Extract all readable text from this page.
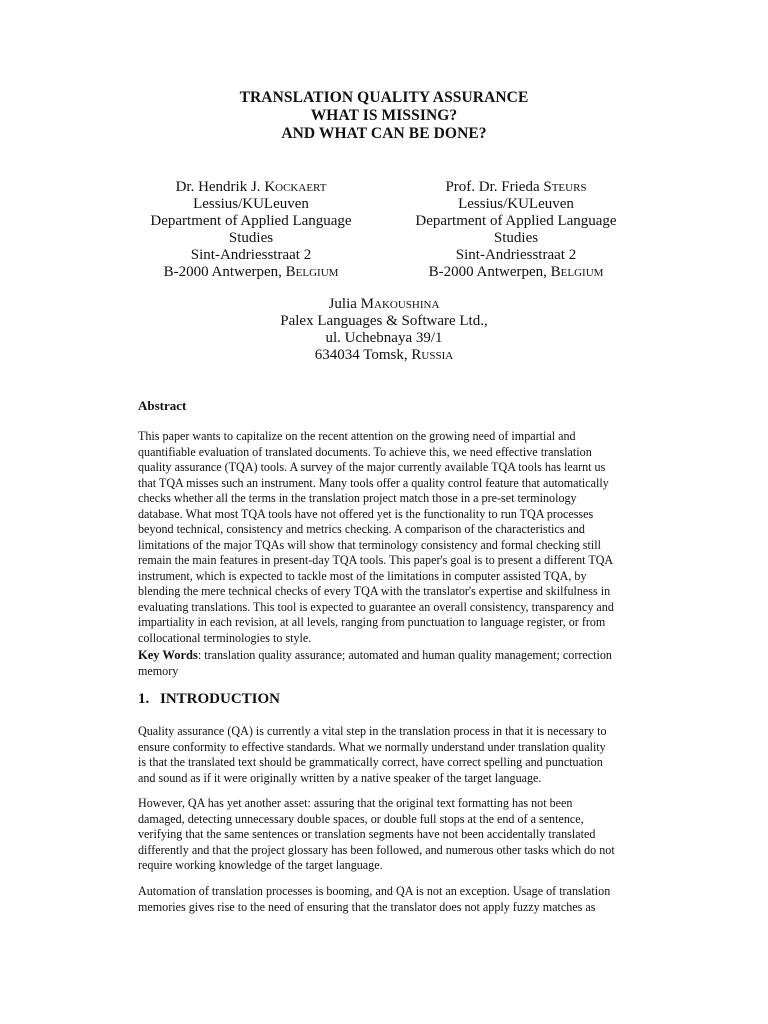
TRANSLATION QUALITY ASSURANCE
WHAT IS MISSING?
AND WHAT CAN BE DONE?
Dr. Hendrik J. Kockaert
Lessius/KULeuven
Department of Applied Language
Studies
Sint-Andriesstraat 2
B-2000 Antwerpen, Belgium
Prof. Dr. Frieda Steurs
Lessius/KULeuven
Department of Applied Language
Studies
Sint-Andriesstraat 2
B-2000 Antwerpen, Belgium
Julia Makoushina
Palex Languages & Software Ltd.,
ul. Uchebnaya 39/1
634034 Tomsk, Russia
Abstract
This paper wants to capitalize on the recent attention on the growing need of impartial and
quantifiable evaluation of translated documents. To achieve this, we need effective translation
quality assurance (TQA) tools. A survey of the major currently available TQA tools has learnt us
that TQA misses such an instrument. Many tools offer a quality control feature that automatically
checks whether all the terms in the translation project match those in a pre-set terminology
database. What most TQA tools have not offered yet is the functionality to run TQA processes
beyond technical, consistency and metrics checking. A comparison of the characteristics and
limitations of the major TQAs will show that terminology consistency and formal checking still
remain the main features in present-day TQA tools. This paper's goal is to present a different TQA
instrument, which is expected to tackle most of the limitations in computer assisted TQA, by
blending the mere technical checks of every TQA with the translator's expertise and skilfulness in
evaluating translations. This tool is expected to guarantee an overall consistency, transparency and
impartiality in each revision, at all levels, ranging from punctuation to language register, or from
collocational terminologies to style.
Key Words: translation quality assurance; automated and human quality management; correction
memory
1. INTRODUCTION
Quality assurance (QA) is currently a vital step in the translation process in that it is necessary to
ensure conformity to effective standards. What we normally understand under translation quality
is that the translated text should be grammatically correct, have correct spelling and punctuation
and sound as if it were originally written by a native speaker of the target language.
However, QA has yet another asset: assuring that the original text formatting has not been
damaged, detecting unnecessary double spaces, or double full stops at the end of a sentence,
verifying that the same sentences or translation segments have not been accidentally translated
differently and that the project glossary has been followed, and numerous other tasks which do not
require working knowledge of the target language.
Automation of translation processes is booming, and QA is not an exception. Usage of translation
memories gives rise to the need of ensuring that the translator does not apply fuzzy matches as
